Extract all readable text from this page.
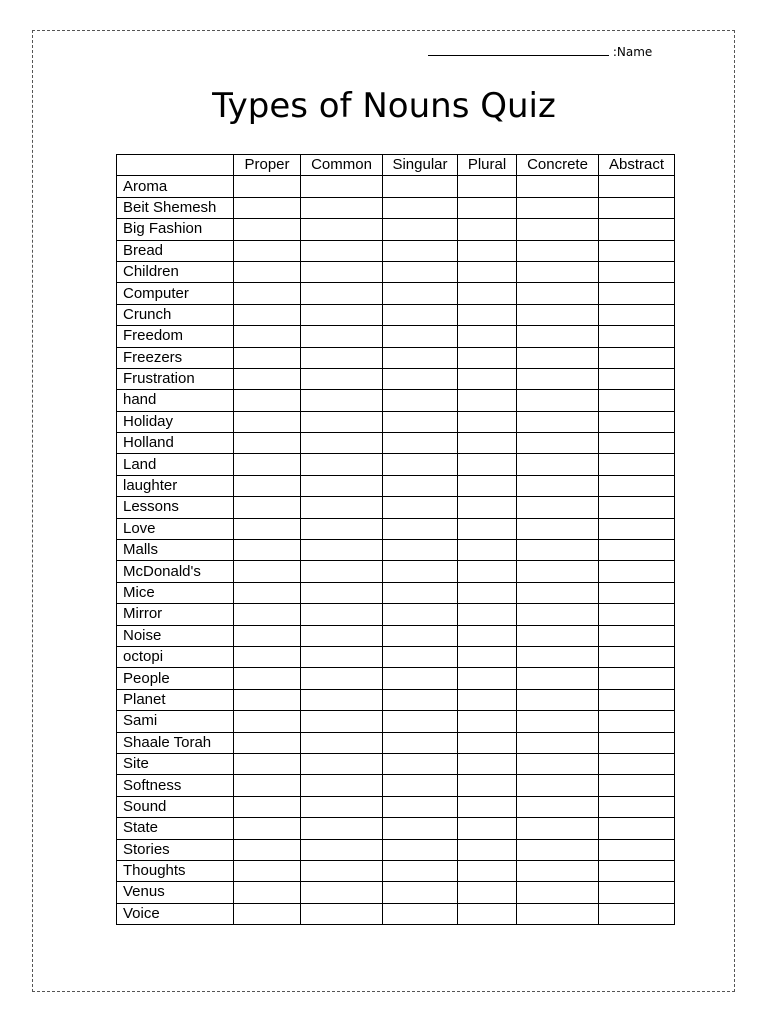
:Name
Types of Nouns Quiz
	Proper	Common	Singular	Plural	Concrete	Abstract
Aroma						
Beit Shemesh						
Big Fashion						
Bread						
Children						
Computer						
Crunch						
Freedom						
Freezers						
Frustration						
hand						
Holiday						
Holland						
Land						
laughter						
Lessons						
Love						
Malls						
McDonald's						
Mice						
Mirror						
Noise						
octopi						
People						
Planet						
Sami						
Shaale Torah						
Site						
Softness						
Sound						
State						
Stories						
Thoughts						
Venus						
Voice						
